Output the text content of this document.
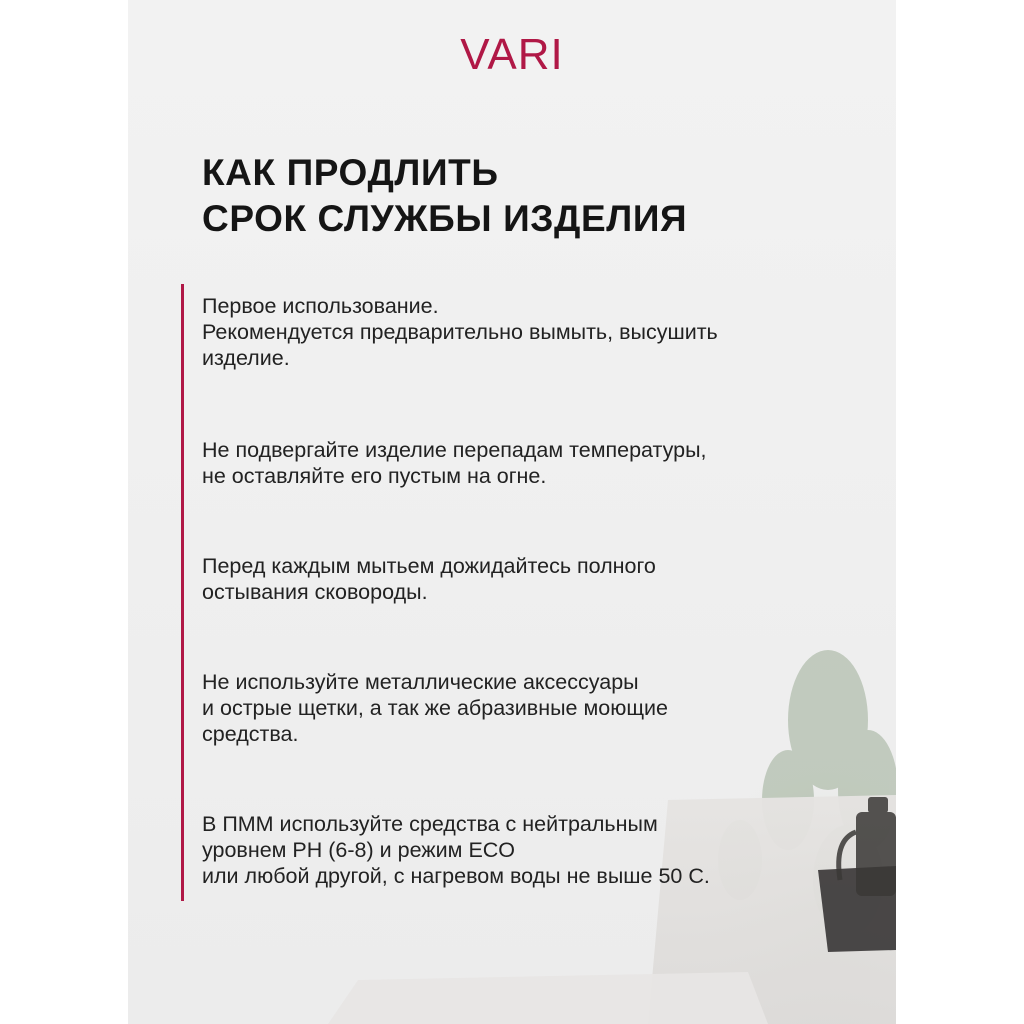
VARI
КАК ПРОДЛИТЬ
СРОК СЛУЖБЫ ИЗДЕЛИЯ
Первое использование.
Рекомендуется предварительно вымыть, высушить
изделие.
Не подвергайте изделие перепадам температуры,
не оставляйте его пустым на огне.
Перед каждым мытьем дожидайтесь полного
остывания сковороды.
Не используйте металлические аксессуары
и острые щетки, а так же абразивные моющие
средства.
В ПММ используйте средства с нейтральным
уровнем PH (6-8) и режим ECO
или любой другой, с нагревом воды не выше 50 С.
